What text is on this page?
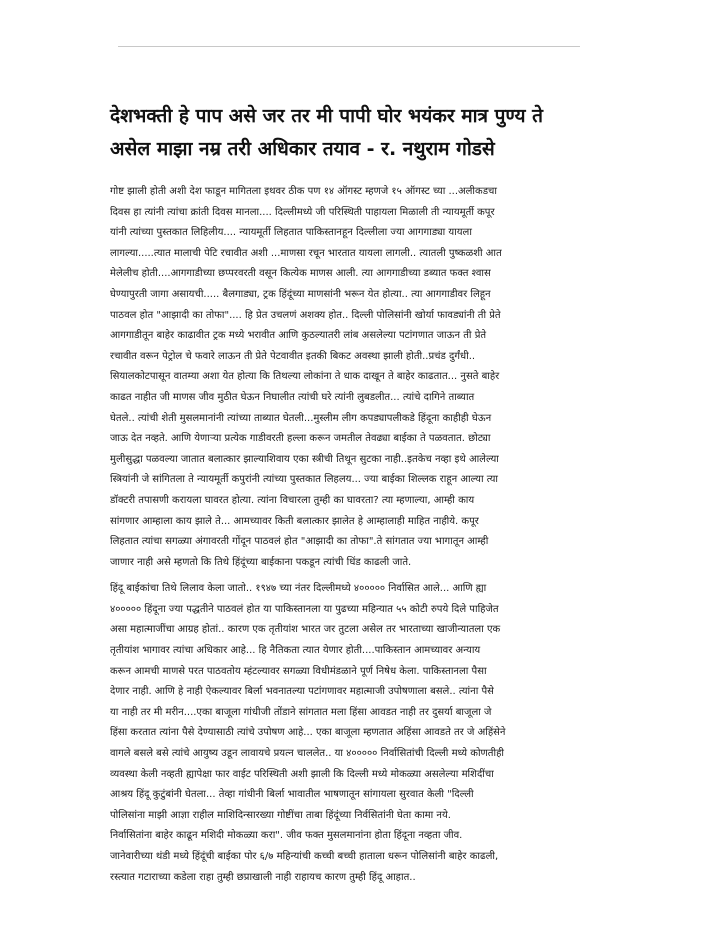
देशभक्ती हे पाप असे जर तर मी पापी घोर भयंकर मात्र पुण्य ते
असेल माझा नम्र तरी अधिकार तयाव - र. नथुराम गोडसे

गोष्ट झाली होती अशी देश फाडून मागितला इथवर ठीक पण १४ ऑगस्ट म्हणजे १५ ऑगस्ट च्या ...अलीकडचा
दिवस हा त्यांनी त्यांचा क्रांती दिवस मानला.... दिल्लीमध्ये जी परिस्थिती पाहायला मिळाली ती न्यायमूर्ती कपूर
यांनी त्यांच्या पुस्तकात लिहिलीय.... न्यायमूर्ती लिहतात पाकिस्तानहून दिल्लीला ज्या आगगाड्या यायला
लागल्या.....त्यात मालाची पेटि रचावीत अशी ...माणसा रचून भारतात यायला लागली.. त्यातली पुष्कळशी आत
मेलेलीच होती....आगगाडीच्या छप्परवरती वसून कित्येक माणस आली. त्या आगगाडीच्या डब्यात फक्त श्वास
घेण्यापुरती जागा असायची..... बैलगाड्या, ट्रक हिंदूंच्या माणसांनी भरून येत होत्या.. त्या आगगाडीवर लिहून
पाठवल होत "आझादी का तोफा".... हि प्रेत उचलणं अशक्य होत.. दिल्ली पोलिसांनी खोर्या फावड्यांनी ती प्रेते
आगगाडीतून बाहेर काढावीत ट्रक मध्ये भरावीत आणि कुठल्यातरी लांब असलेल्या पटांगणात जाऊन ती प्रेते
रचावीत वरून पेट्रोल चे फवारे लाऊन ती प्रेते पेटवावीत इतकी बिकट अवस्था झाली होती..प्रचंड दुर्गंधी..
सियालकोटपासून वातम्या अशा येत होत्या कि तिथल्या लोकांना ते धाक दाखून ते बाहेर काढतात... नुसते बाहेर
काढत नाहीत जी माणस जीव मुठीत घेऊन निघालीत त्यांची घरे त्यांनी लुबडलीत... त्यांचे दागिने ताब्यात
घेतले.. त्यांची शेती मुसलमानांनी त्यांच्या ताब्यात घेतली...मुस्लीम लीग कपड्यापलीकडे हिंदूना काहीही घेऊन
जाऊ देत नव्हते. आणि येणाऱ्या प्रत्येक गाडीवरती हल्ला करून जमतील तेवढ्या बाईका ते पळवतात. छोट्या
मुलीसुद्धा पळवल्या जातात बलात्कार झाल्याशिवाय एका स्त्रीची तिथून सुटका नाही..इतकेच नव्हा इथे आलेल्या
स्त्रियांनी जे सांगितला ते न्यायमूर्ती कपुरांनी त्यांच्या पुस्तकात लिहलय... ज्या बाईका शिल्लक राहून आल्या त्या
डॉक्टरी तपासणी करायला घावरत होत्या. त्यांना विचारला तुम्ही का घावरता? त्या म्हणाल्या, आम्ही काय
सांगणार आम्हाला काय झाले ते... आमच्यावर किती बलात्कार झालेत हे आम्हालाही माहित नाहीये. कपूर
लिहतात त्यांचा सगळ्या अंगावरती गोंदून पाठवलं होत "आझादी का तोफा".ते सांगतात ज्या भागातून आम्ही
जाणार नाही असे म्हणतो कि तिथे हिंदूंच्या बाईकाना पकडून त्यांची धिंड काढली जाते.

हिंदू बाईकांचा तिथे लिलाव केला जातो.. १९४७ च्या नंतर दिल्लीमध्ये ४००००० निर्वासित आले... आणि ह्या
४००००० हिंदूना ज्या पद्धतीने पाठवलं होत या पाकिस्तानला या पुढच्या महिन्यात ५५ कोटी रुपये दिले पाहिजेत
असा महात्माजींचा आग्रह होतां.. कारण एक तृतीयांश भारत जर तुटला असेल तर भारताच्या खाजीन्यातला एक
तृतीयांश भागावर त्यांचा अधिकार आहे... हि नैतिकता त्यात येणार होती....पाकिस्तान आमच्यावर अन्याय
करून आमची माणसे परत पाठवतोय म्हंटल्यावर सगळ्या विधीमंडळाने पूर्ण निषेध केला. पाकिस्तानला पैसा
देणार नाही. आणि हे नाही ऐकल्यावर बिर्ला भवनातल्या पटांगणावर महात्माजी उपोषणाला बसले.. त्यांना पैसे
या नाही तर मी मरीन....एका बाजूला गांधीजी तोंडाने सांगतात मला हिंसा आवडत नाही तर दुसर्या बाजूला जे
हिंसा करतात त्यांना पैसे देण्यासाठी त्यांचे उपोषण आहे... एका बाजूला म्हणतात अहिंसा आवडते तर जे अहिंसेने
वागले बसले बसे त्यांचे आयुष्य उडून लावायचे प्रयत्न चाललेत.. या ४००००० निर्वासितांची दिल्ली मध्ये कोणतीही
व्यवस्था केली नव्हती ह्यापेक्षा फार वाईट परिस्थिती अशी झाली कि दिल्ली मध्ये मोकळ्या असलेल्या मशिदींचा
आश्रय हिंदू कुटुंबांनी घेतला... तेव्हा गांधीनी बिर्ला भावातील भाषणातून सांगायला सुरवात केली "दिल्ली
पोलिसांना माझी आज्ञा राहील माशिदिन्सारख्या गोष्टींचा ताबा हिंदूंच्या निर्वसितांनी घेता कामा नये.
निर्वासितांना बाहेर काढून मशिदी मोकळ्या करा". जीव फक्त मुसलमानांना होता हिंदूना नव्हता जीव.
जानेवारीच्या थंडी मध्ये हिंदूंची बाईका पोर ६/७ महिन्यांची कच्ची बच्ची हाताला धरून पोलिसांनी बाहेर काढली,
रस्त्यात गटाराच्या कडेला राहा तुम्ही छप्राखाली नाही राहायच कारण तुम्ही हिंदू आहात..
